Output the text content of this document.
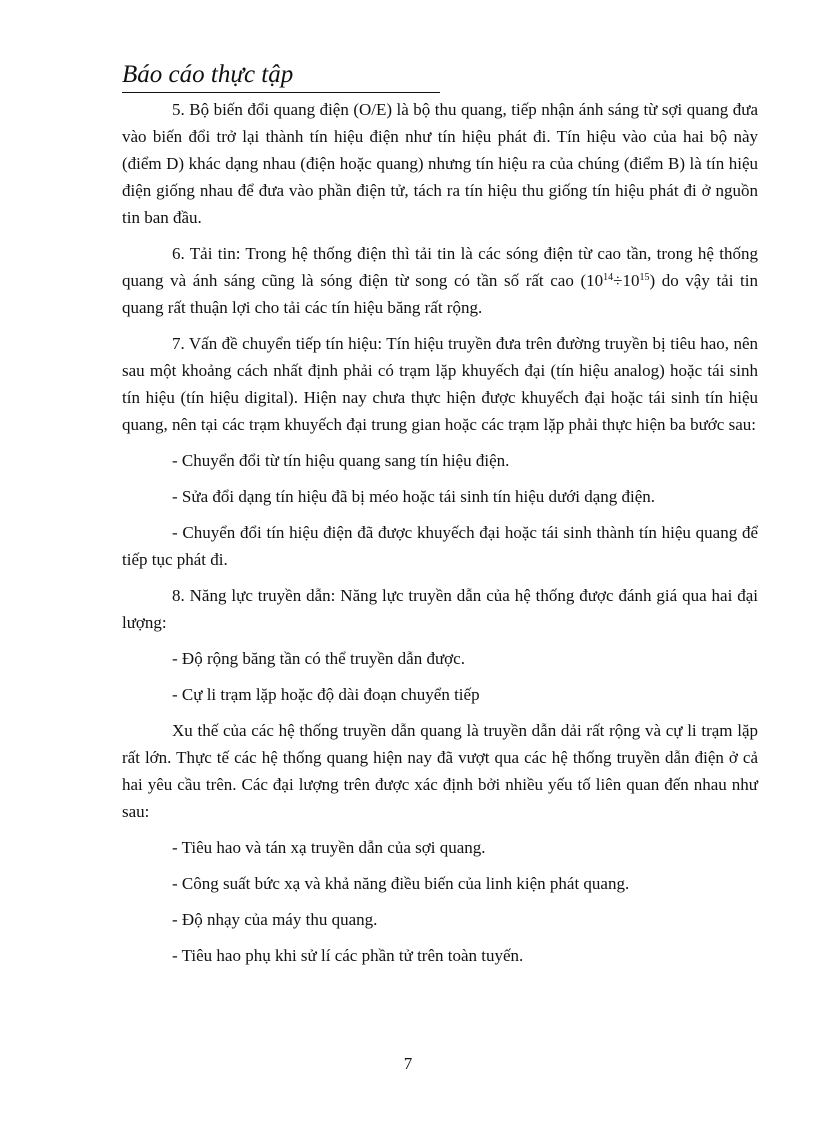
Báo cáo thực tập

5. Bộ biến đổi quang điện (O/E) là bộ thu quang, tiếp nhận ánh sáng từ sợi quang đưa vào biến đổi trở lại thành tín hiệu điện như tín hiệu phát đi. Tín hiệu vào của hai bộ này (điểm D) khác dạng nhau (điện hoặc quang) nhưng tín hiệu ra của chúng (điểm B) là tín hiệu điện giống nhau để đưa vào phần điện tử, tách ra tín hiệu thu giống tín hiệu phát đi ở nguồn tin ban đầu.

6. Tải tin: Trong hệ thống điện thì tải tin là các sóng điện từ cao tần, trong hệ thống quang và ánh sáng cũng là sóng điện từ song có tần số rất cao $(10^{14}\div 10^{15})$ do vậy tải tin quang rất thuận lợi cho tải các tín hiệu băng rất rộng.

7. Vấn đề chuyển tiếp tín hiệu: Tín hiệu truyền đưa trên đường truyền bị tiêu hao, nên sau một khoảng cách nhất định phải có trạm lặp khuyếch đại (tín hiệu analog) hoặc tái sinh tín hiệu (tín hiệu digital). Hiện nay chưa thực hiện được khuyếch đại hoặc tái sinh tín hiệu quang, nên tại các trạm khuyếch đại trung gian hoặc các trạm lặp phải thực hiện ba bước sau:

- Chuyển đổi từ tín hiệu quang sang tín hiệu điện.

- Sửa đổi dạng tín hiệu đã bị méo hoặc tái sinh tín hiệu dưới dạng điện.

- Chuyển đổi tín hiệu điện đã được khuyếch đại hoặc tái sinh thành tín hiệu quang để tiếp tục phát đi.

8. Năng lực truyền dẫn: Năng lực truyền dẫn của hệ thống được đánh giá qua hai đại lượng:

- Độ rộng băng tần có thể truyền dẫn được.

- Cự li trạm lặp hoặc độ dài đoạn chuyển tiếp

Xu thế của các hệ thống truyền dẫn quang là truyền dẫn dải rất rộng và cự li trạm lặp rất lớn. Thực tế các hệ thống quang hiện nay đã vượt qua các hệ thống truyền dẫn điện ở cả hai yêu cầu trên. Các đại lượng trên được xác định bởi nhiều yếu tố liên quan đến nhau như sau:

- Tiêu hao và tán xạ truyền dẫn của sợi quang.

- Công suất bức xạ và khả năng điều biến của linh kiện phát quang.

- Độ nhạy của máy thu quang.

- Tiêu hao phụ khi sử lí các phần tử trên toàn tuyến.

7
